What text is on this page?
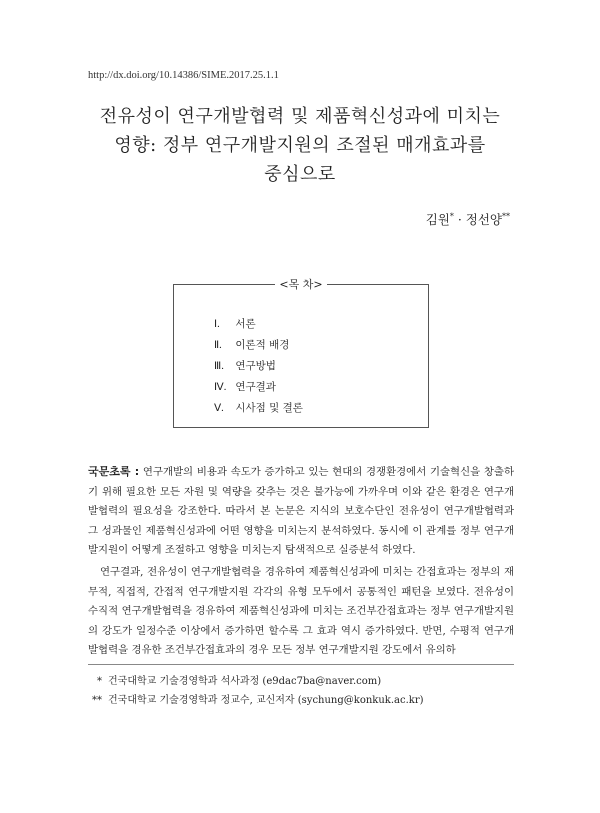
http://dx.doi.org/10.14386/SIME.2017.25.1.1
전유성이 연구개발협력 및 제품혁신성과에 미치는
영향: 정부 연구개발지원의 조절된 매개효과를
중심으로
김원* · 정선양**
<목 차>
Ⅰ. 서론
Ⅱ. 이론적 배경
Ⅲ. 연구방법
Ⅳ. 연구결과
Ⅴ. 시사점 및 결론

국문초록 : 연구개발의 비용과 속도가 증가하고 있는 현대의 경쟁환경에서 기술혁신을 창출하기 위해 필요한 모든 자원 및 역량을 갖추는 것은 불가능에 가까우며 이와 같은 환경은 연구개발협력의 필요성을 강조한다. 따라서 본 논문은 지식의 보호수단인 전유성이 연구개발협력과 그 성과물인 제품혁신성과에 어떤 영향을 미치는지 분석하였다. 동시에 이 관계를 정부 연구개발지원이 어떻게 조절하고 영향을 미치는지 탐색적으로 실증분석 하였다.

연구결과, 전유성이 연구개발협력을 경유하여 제품혁신성과에 미치는 간접효과는 정부의 재무적, 직접적, 간접적 연구개발지원 각각의 유형 모두에서 공통적인 패턴을 보였다. 전유성이 수직적 연구개발협력을 경유하여 제품혁신성과에 미치는 조건부간접효과는 정부 연구개발지원의 강도가 일정수준 이상에서 증가하면 할수록 그 효과 역시 증가하였다. 반면, 수평적 연구개발협력을 경유한 조건부간접효과의 경우 모든 정부 연구개발지원 강도에서 유의하

* 건국대학교 기술경영학과 석사과정 (e9dac7ba@naver.com)
** 건국대학교 기술경영학과 정교수, 교신저자 (sychung@konkuk.ac.kr)
